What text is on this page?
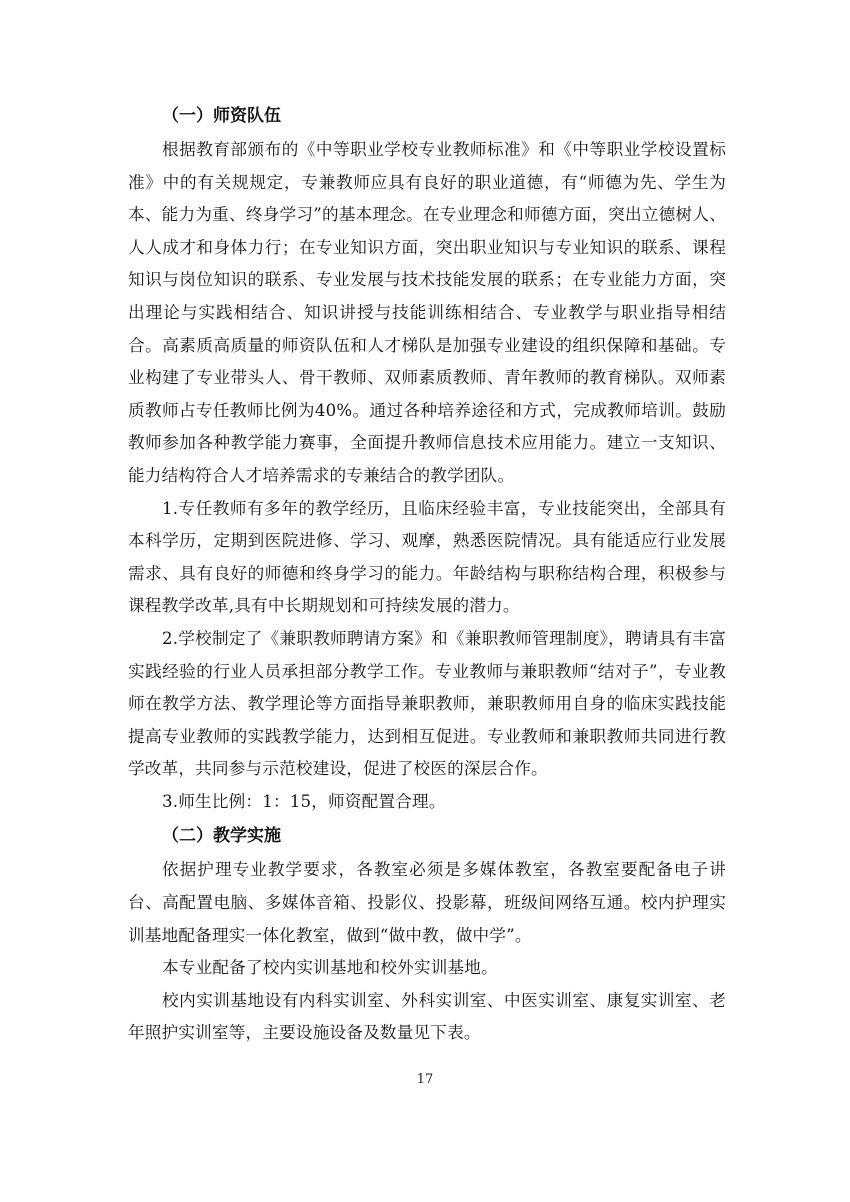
（一）师资队伍

根据教育部颁布的《中等职业学校专业教师标准》和《中等职业学校设置标准》中的有关规规定，专兼教师应具有良好的职业道德，有“师德为先、学生为本、能力为重、终身学习”的基本理念。在专业理念和师德方面，突出立德树人、人人成才和身体力行；在专业知识方面，突出职业知识与专业知识的联系、课程知识与岗位知识的联系、专业发展与技术技能发展的联系；在专业能力方面，突出理论与实践相结合、知识讲授与技能训练相结合、专业教学与职业指导相结合。高素质高质量的师资队伍和人才梯队是加强专业建设的组织保障和基础。专业构建了专业带头人、骨干教师、双师素质教师、青年教师的教育梯队。双师素质教师占专任教师比例为40%。通过各种培养途径和方式，完成教师培训。鼓励教师参加各种教学能力赛事，全面提升教师信息技术应用能力。建立一支知识、能力结构符合人才培养需求的专兼结合的教学团队。

1.专任教师有多年的教学经历，且临床经验丰富，专业技能突出，全部具有本科学历，定期到医院进修、学习、观摩，熟悉医院情况。具有能适应行业发展需求、具有良好的师德和终身学习的能力。年龄结构与职称结构合理，积极参与课程教学改革,具有中长期规划和可持续发展的潜力。

2.学校制定了《兼职教师聘请方案》和《兼职教师管理制度》，聘请具有丰富实践经验的行业人员承担部分教学工作。专业教师与兼职教师“结对子”，专业教师在教学方法、教学理论等方面指导兼职教师，兼职教师用自身的临床实践技能提高专业教师的实践教学能力，达到相互促进。专业教师和兼职教师共同进行教学改革，共同参与示范校建设，促进了校医的深层合作。

3.师生比例：1：15，师资配置合理。

（二）教学实施

依据护理专业教学要求，各教室必须是多媒体教室，各教室要配备电子讲台、高配置电脑、多媒体音箱、投影仪、投影幕，班级间网络互通。校内护理实训基地配备理实一体化教室，做到“做中教，做中学”。

本专业配备了校内实训基地和校外实训基地。

校内实训基地设有内科实训室、外科实训室、中医实训室、康复实训室、老年照护实训室等，主要设施设备及数量见下表。

17
